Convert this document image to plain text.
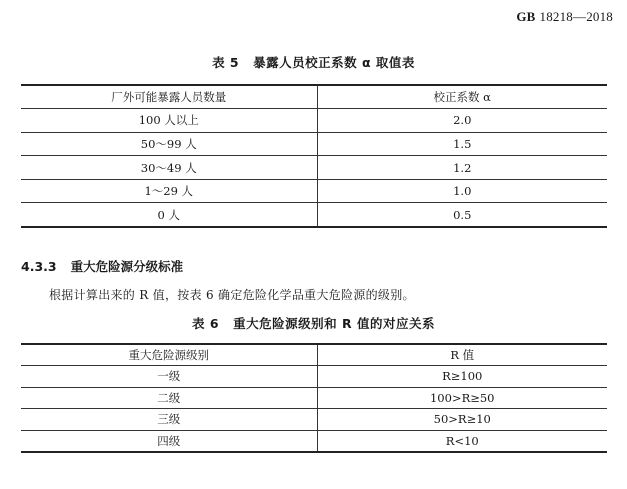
GB 18218—2018
表 5 暴露人员校正系数 α 取值表
厂外可能暴露人员数量	校正系数 α
100 人以上	2.0
50～99 人	1.5
30～49 人	1.2
1～29 人	1.0
0 人	0.5
4.3.3 重大危险源分级标准
根据计算出来的 R 值，按表 6 确定危险化学品重大危险源的级别。
表 6 重大危险源级别和 R 值的对应关系
重大危险源级别	R 值
一级	R≥100
二级	100>R≥50
三级	50>R≥10
四级	R<10
